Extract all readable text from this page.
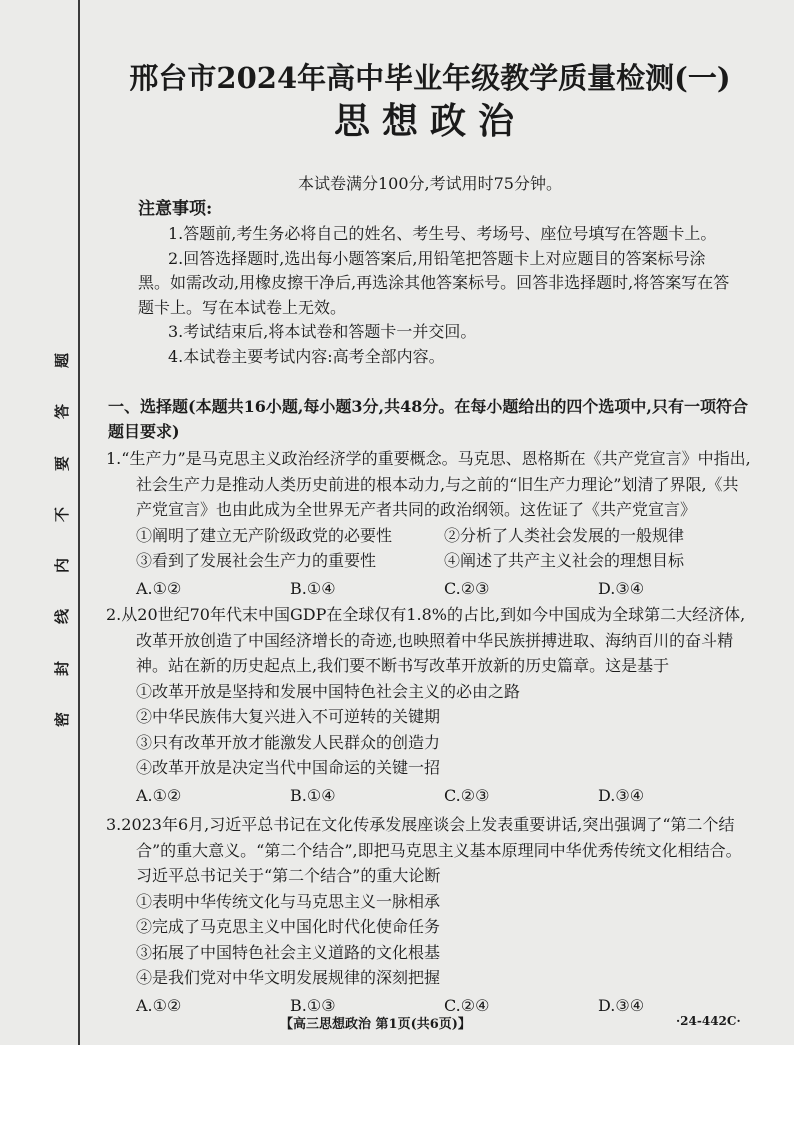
题
答
要
不
内
线
封
密
邢台市2024年高中毕业年级教学质量检测(一)
思想政治
本试卷满分100分,考试用时75分钟。
注意事项:

1.答题前,考生务必将自己的姓名、考生号、考场号、座位号填写在答题卡上。

2.回答选择题时,选出每小题答案后,用铅笔把答题卡上对应题目的答案标号涂黑。如需改动,用橡皮擦干净后,再选涂其他答案标号。回答非选择题时,将答案写在答题卡上。写在本试卷上无效。

3.考试结束后,将本试卷和答题卡一并交回。

4.本试卷主要考试内容:高考全部内容。

一、选择题(本题共16小题,每小题3分,共48分。在每小题给出的四个选项中,只有一项符合题目要求)

1.“生产力”是马克思主义政治经济学的重要概念。马克思、恩格斯在《共产党宣言》中指出,社会生产力是推动人类历史前进的根本动力,与之前的“旧生产力理论”划清了界限,《共产党宣言》也由此成为全世界无产者共同的政治纲领。这佐证了《共产党宣言》

①阐明了建立无产阶级政党的必要性	②分析了人类社会发展的一般规律
③看到了发展社会生产力的重要性	④阐述了共产主义社会的理想目标
A.①②	B.①④	C.②③	D.③④

2.从20世纪70年代末中国GDP在全球仅有1.8%的占比,到如今中国成为全球第二大经济体,改革开放创造了中国经济增长的奇迹,也映照着中华民族拼搏进取、海纳百川的奋斗精神。站在新的历史起点上,我们要不断书写改革开放新的历史篇章。这是基于

①改革开放是坚持和发展中国特色社会主义的必由之路

②中华民族伟大复兴进入不可逆转的关键期

③只有改革开放才能激发人民群众的创造力

④改革开放是决定当代中国命运的关键一招

A.①②	B.①④	C.②③	D.③④

3.2023年6月,习近平总书记在文化传承发展座谈会上发表重要讲话,突出强调了“第二个结合”的重大意义。“第二个结合”,即把马克思主义基本原理同中华优秀传统文化相结合。习近平总书记关于“第二个结合”的重大论断

①表明中华传统文化与马克思主义一脉相承

②完成了马克思主义中国化时代化使命任务

③拓展了中国特色社会主义道路的文化根基

④是我们党对中华文明发展规律的深刻把握

A.①②	B.①③	C.②④	D.③④
【高三思想政治 第1页(共6页)】	·24-442C·
